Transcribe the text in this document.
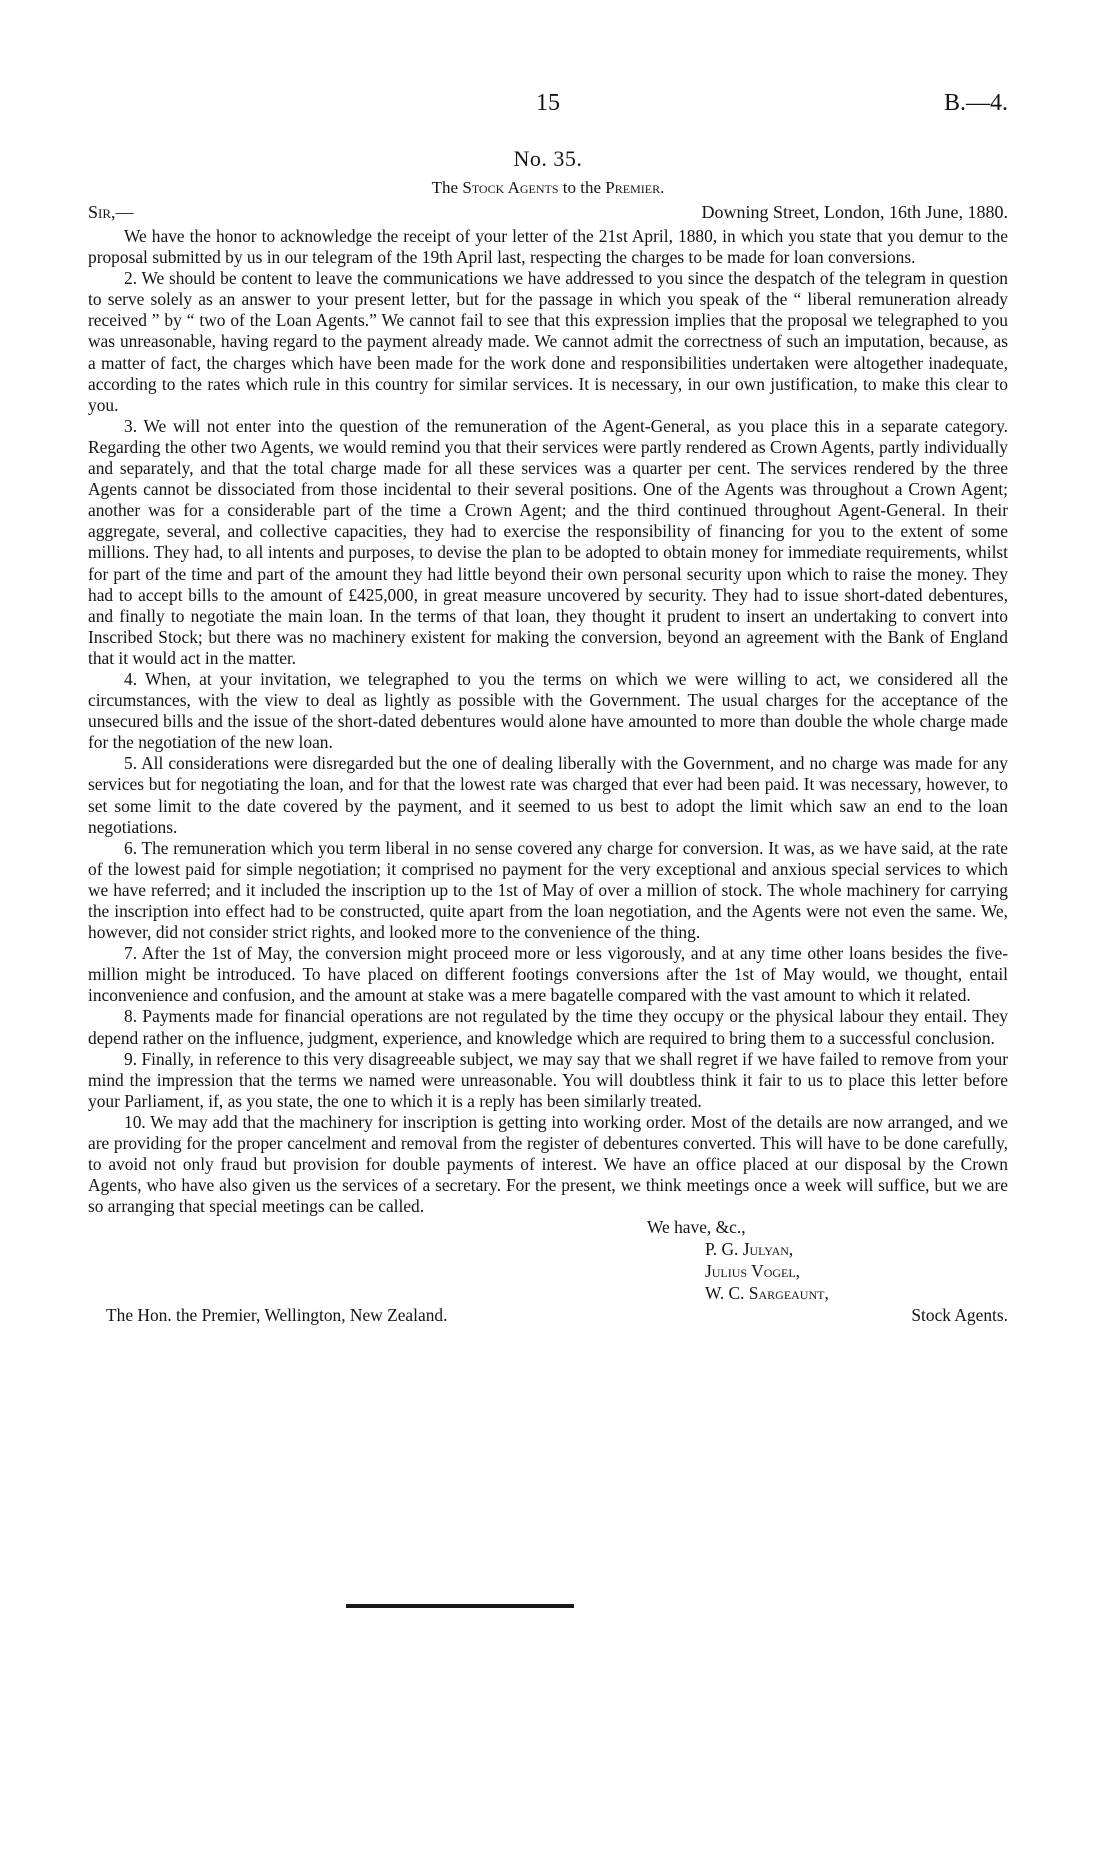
15	B.—4.
No. 35.
The Stock Agents to the Premier.
Sir,—	Downing Street, London, 16th June, 1880.

We have the honor to acknowledge the receipt of your letter of the 21st April, 1880, in which you state that you demur to the proposal submitted by us in our telegram of the 19th April last, respecting the charges to be made for loan conversions.

2. We should be content to leave the communications we have addressed to you since the despatch of the telegram in question to serve solely as an answer to your present letter, but for the passage in which you speak of the “ liberal remuneration already received ” by “ two of the Loan Agents.” We cannot fail to see that this expression implies that the proposal we telegraphed to you was unreasonable, having regard to the payment already made. We cannot admit the correctness of such an imputation, because, as a matter of fact, the charges which have been made for the work done and responsibilities undertaken were altogether inadequate, according to the rates which rule in this country for similar services. It is necessary, in our own justification, to make this clear to you.

3. We will not enter into the question of the remuneration of the Agent-General, as you place this in a separate category. Regarding the other two Agents, we would remind you that their services were partly rendered as Crown Agents, partly individually and separately, and that the total charge made for all these services was a quarter per cent. The services rendered by the three Agents cannot be dissociated from those incidental to their several positions. One of the Agents was throughout a Crown Agent; another was for a considerable part of the time a Crown Agent; and the third continued throughout Agent-General. In their aggregate, several, and collective capacities, they had to exercise the responsibility of financing for you to the extent of some millions. They had, to all intents and purposes, to devise the plan to be adopted to obtain money for immediate requirements, whilst for part of the time and part of the amount they had little beyond their own personal security upon which to raise the money. They had to accept bills to the amount of £425,000, in great measure uncovered by security. They had to issue short-dated debentures, and finally to negotiate the main loan. In the terms of that loan, they thought it prudent to insert an undertaking to convert into Inscribed Stock; but there was no machinery existent for making the conversion, beyond an agreement with the Bank of England that it would act in the matter.

4. When, at your invitation, we telegraphed to you the terms on which we were willing to act, we considered all the circumstances, with the view to deal as lightly as possible with the Government. The usual charges for the acceptance of the unsecured bills and the issue of the short-dated debentures would alone have amounted to more than double the whole charge made for the negotiation of the new loan.

5. All considerations were disregarded but the one of dealing liberally with the Government, and no charge was made for any services but for negotiating the loan, and for that the lowest rate was charged that ever had been paid. It was necessary, however, to set some limit to the date covered by the payment, and it seemed to us best to adopt the limit which saw an end to the loan negotiations.

6. The remuneration which you term liberal in no sense covered any charge for conversion. It was, as we have said, at the rate of the lowest paid for simple negotiation; it comprised no payment for the very exceptional and anxious special services to which we have referred; and it included the inscription up to the 1st of May of over a million of stock. The whole machinery for carrying the inscription into effect had to be constructed, quite apart from the loan negotiation, and the Agents were not even the same. We, however, did not consider strict rights, and looked more to the convenience of the thing.

7. After the 1st of May, the conversion might proceed more or less vigorously, and at any time other loans besides the five-million might be introduced. To have placed on different footings conversions after the 1st of May would, we thought, entail inconvenience and confusion, and the amount at stake was a mere bagatelle compared with the vast amount to which it related.

8. Payments made for financial operations are not regulated by the time they occupy or the physical labour they entail. They depend rather on the influence, judgment, experience, and knowledge which are required to bring them to a successful conclusion.

9. Finally, in reference to this very disagreeable subject, we may say that we shall regret if we have failed to remove from your mind the impression that the terms we named were unreasonable. You will doubtless think it fair to us to place this letter before your Parliament, if, as you state, the one to which it is a reply has been similarly treated.

10. We may add that the machinery for inscription is getting into working order. Most of the details are now arranged, and we are providing for the proper cancelment and removal from the register of debentures converted. This will have to be done carefully, to avoid not only fraud but provision for double payments of interest. We have an office placed at our disposal by the Crown Agents, who have also given us the services of a secretary. For the present, we think meetings once a week will suffice, but we are so arranging that special meetings can be called.

We have, &c.,
P. G. Julyan,
Julius Vogel,
W. C. Sargeaunt,
Stock Agents.
The Hon. the Premier, Wellington, New Zealand.
